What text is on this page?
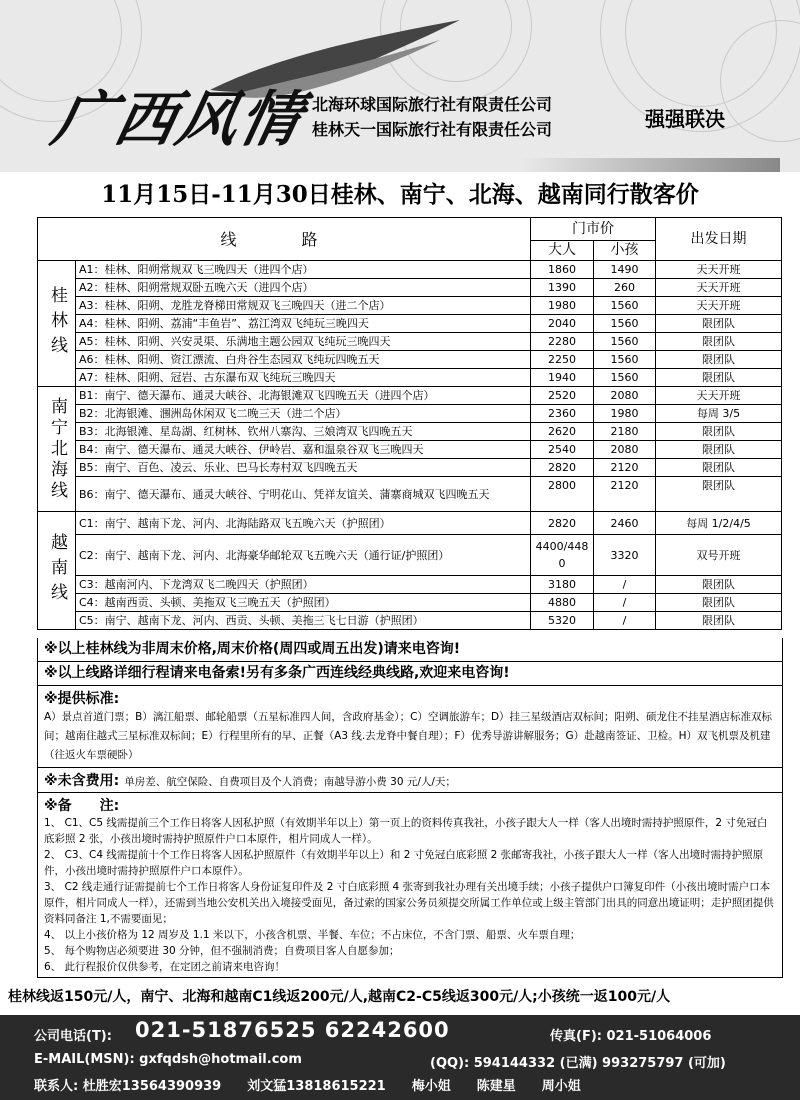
广西风情 北海环球国际旅行社有限责任公司
桂林天一国际旅行社有限责任公司	强强联决
11月15日-11月30日桂林、南宁、北海、越南同行散客价
线 路		门市价		出发日期
		大人	小孩	
桂林线	A1：桂林、阳朔常规双飞三晚四天（进四个店）	1860	1490	天天开班
	A2：桂林、阳朔常规双卧五晚六天（进四个店）	1390	260	天天开班
	A3：桂林、阳朔、龙胜龙脊梯田常规双飞三晚四天（进二个店）	1980	1560	天天开班
	A4：桂林、阳朔、荔浦“丰鱼岩”、荔江湾双飞纯玩三晚四天	2040	1560	限团队
	A5：桂林、阳朔、兴安灵渠、乐满地主题公园双飞纯玩三晚四天	2280	1560	限团队
	A6：桂林、阳朔、资江漂流、白舟谷生态园双飞纯玩四晚五天	2250	1560	限团队
	A7：桂林、阳朔、冠岩、古东瀑布双飞纯玩三晚四天	1940	1560	限团队
南宁北海线	B1：南宁、德天瀑布、通灵大峡谷、北海银滩双飞四晚五天（进四个店）	2520	2080	天天开班
	B2：北海银滩、涠洲岛休闲双飞二晚三天（进二个店）	2360	1980	每周 3/5
	B3：北海银滩、星岛湖、红树林、钦州八寨沟、三娘湾双飞四晚五天	2620	2180	限团队
	B4：南宁、德天瀑布、通灵大峡谷、伊岭岩、嘉和温泉谷双飞三晚四天	2540	2080	限团队
	B5：南宁、百色、凌云、乐业、巴马长寿村双飞四晚五天	2820	2120	限团队
	B6：南宁、德天瀑布、通灵大峡谷、宁明花山、凭祥友谊关、蒲寨商城双飞四晚五天	2800	2120	限团队
越南线	C1：南宁、越南下龙、河内、北海陆路双飞五晚六天（护照团）	2820	2460	每周 1/2/4/5
	C2：南宁、越南下龙、河内、北海豪华邮轮双飞五晚六天（通行证/护照团）	4400/4480	3320	双号开班
	C3：越南河内、下龙湾双飞二晚四天（护照团）	3180	/	限团队
	C4：越南西贡、头顿、美拖双飞三晚五天（护照团）	4880	/	限团队
	C5：南宁、越南下龙、河内、西贡、头顿、美拖三飞七日游（护照团）	5320	/	限团队
※以上桂林线为非周末价格,周末价格(周四或周五出发)请来电咨询!
※以上线路详细行程请来电备索!另有多条广西连线经典线路,欢迎来电咨询!
※提供标准:
A）景点首道门票；B）漓江船票、邮轮船票（五星标准四人间，含政府基金）；C）空调旅游车；D）挂三星级酒店双标间；阳朔、硕龙住不挂星酒店标准双标间；越南住越式三星标准双标间；E）行程里所有的早、正餐（A3 线.去龙脊中餐自理）；F）优秀导游讲解服务；G）赴越南签证、卫检。H）双飞机票及机建（往返火车票硬卧）
※未含费用: 单房差、航空保险、自费项目及个人消费；南越导游小费 30 元/人/天；
※备　　注:
1、 C1、C5 线需提前三个工作日将客人因私护照（有效期半年以上）第一页上的资料传真我社，小孩子跟大人一样（客人出境时需持护照原件，2 寸免冠白底彩照 2 张，小孩出境时需持护照原件户口本原件，相片同成人一样）。
2、 C3、C4 线需提前十个工作日将客人因私护照原件（有效期半年以上）和 2 寸免冠白底彩照 2 张邮寄我社，小孩子跟大人一样（客人出境时需持护照原件，小孩出境时需持护照原件户口本原件）。
3、 C2 线走通行证需提前七个工作日将客人身份证复印件及 2 寸白底彩照 4 张寄到我社办理有关出境手续；小孩子提供户口簿复印件（小孩出境时需户口本原件，相片同成人一样），还需到当地公安机关出入境接受面见，备过索的国家公务员须提交所属工作单位或上级主管部门出具的同意出境证明；走护照团提供资料同备注 1,不需要面见；
4、 以上小孩价格为 12 周岁及 1.1 米以下，小孩含机票、半餐、车位；不占床位，不含门票、船票、火车票自理；
5、 每个购物店必须要进 30 分钟，但不强制消费；自费项目客人自愿参加；
6、 此行程报价仅供参考，在定团之前请来电咨询！
桂林线返150元/人，南宁、北海和越南C1线返200元/人,越南C2-C5线返300元/人;小孩统一返100元/人
公司电话(T): 021-51876525 62242600	传真(F): 021-51064006
E-MAIL(MSN): gxfqdsh@hotmail.com	(QQ): 594144332 (已满) 993275797 (可加)
联系人: 杜胜宏13564390939　　刘文猛13818615221　　梅小姐　　陈建星　　周小姐
